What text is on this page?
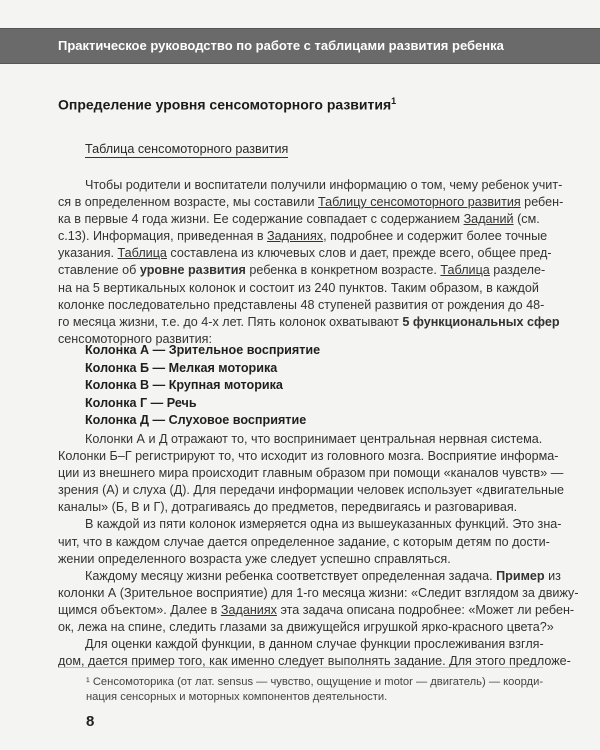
Практическое руководство по работе с таблицами развития ребенка
Определение уровня сенсомоторного развития$^1$
Таблица сенсомоторного развития
Чтобы родители и воспитатели получили информацию о том, чему ребенок учит-
ся в определенном возрасте, мы составили Таблицу сенсомоторного развития ребен-
ка в первые 4 года жизни. Ее содержание совпадает с содержанием Заданий (см.
с.13). Информация, приведенная в Заданиях, подробнее и содержит более точные
указания. Таблица составлена из ключевых слов и дает, прежде всего, общее пред-
ставление об уровне развития ребенка в конкретном возрасте. Таблица разделе-
на на 5 вертикальных колонок и состоит из 240 пунктов. Таким образом, в каждой
колонке последовательно представлены 48 ступеней развития от рождения до 48-
го месяца жизни, т.е. до 4-х лет. Пять колонок охватывают 5 функциональных сфер
сенсомоторного развития:
Колонка А — Зрительное восприятие
Колонка Б — Мелкая моторика
Колонка В — Крупная моторика
Колонка Г — Речь
Колонка Д — Слуховое восприятие
Колонки А и Д отражают то, что воспринимает центральная нервная система.
Колонки Б–Г регистрируют то, что исходит из головного мозга. Восприятие информа-
ции из внешнего мира происходит главным образом при помощи «каналов чувств» —
зрения (А) и слуха (Д). Для передачи информации человек использует «двигательные
каналы» (Б, В и Г), дотрагиваясь до предметов, передвигаясь и разговаривая.
В каждой из пяти колонок измеряется одна из вышеуказанных функций. Это зна-
чит, что в каждом случае дается определенное задание, с которым детям по дости-
жении определенного возраста уже следует успешно справляться.
Каждому месяцу жизни ребенка соответствует определенная задача. Пример из
колонки А (Зрительное восприятие) для 1-го месяца жизни: «Следит взглядом за движу-
щимся объектом». Далее в Заданиях эта задача описана подробнее: «Может ли ребен-
ок, лежа на спине, следить глазами за движущейся игрушкой ярко-красного цвета?»
Для оценки каждой функции, в данном случае функции прослеживания взгля-
дом, дается пример того, как именно следует выполнять задание. Для этого предложе-
¹ Сенсомоторика (от лат. sensus — чувство, ощущение и motor — двигатель) — коорди-
нация сенсорных и моторных компонентов деятельности.
8
